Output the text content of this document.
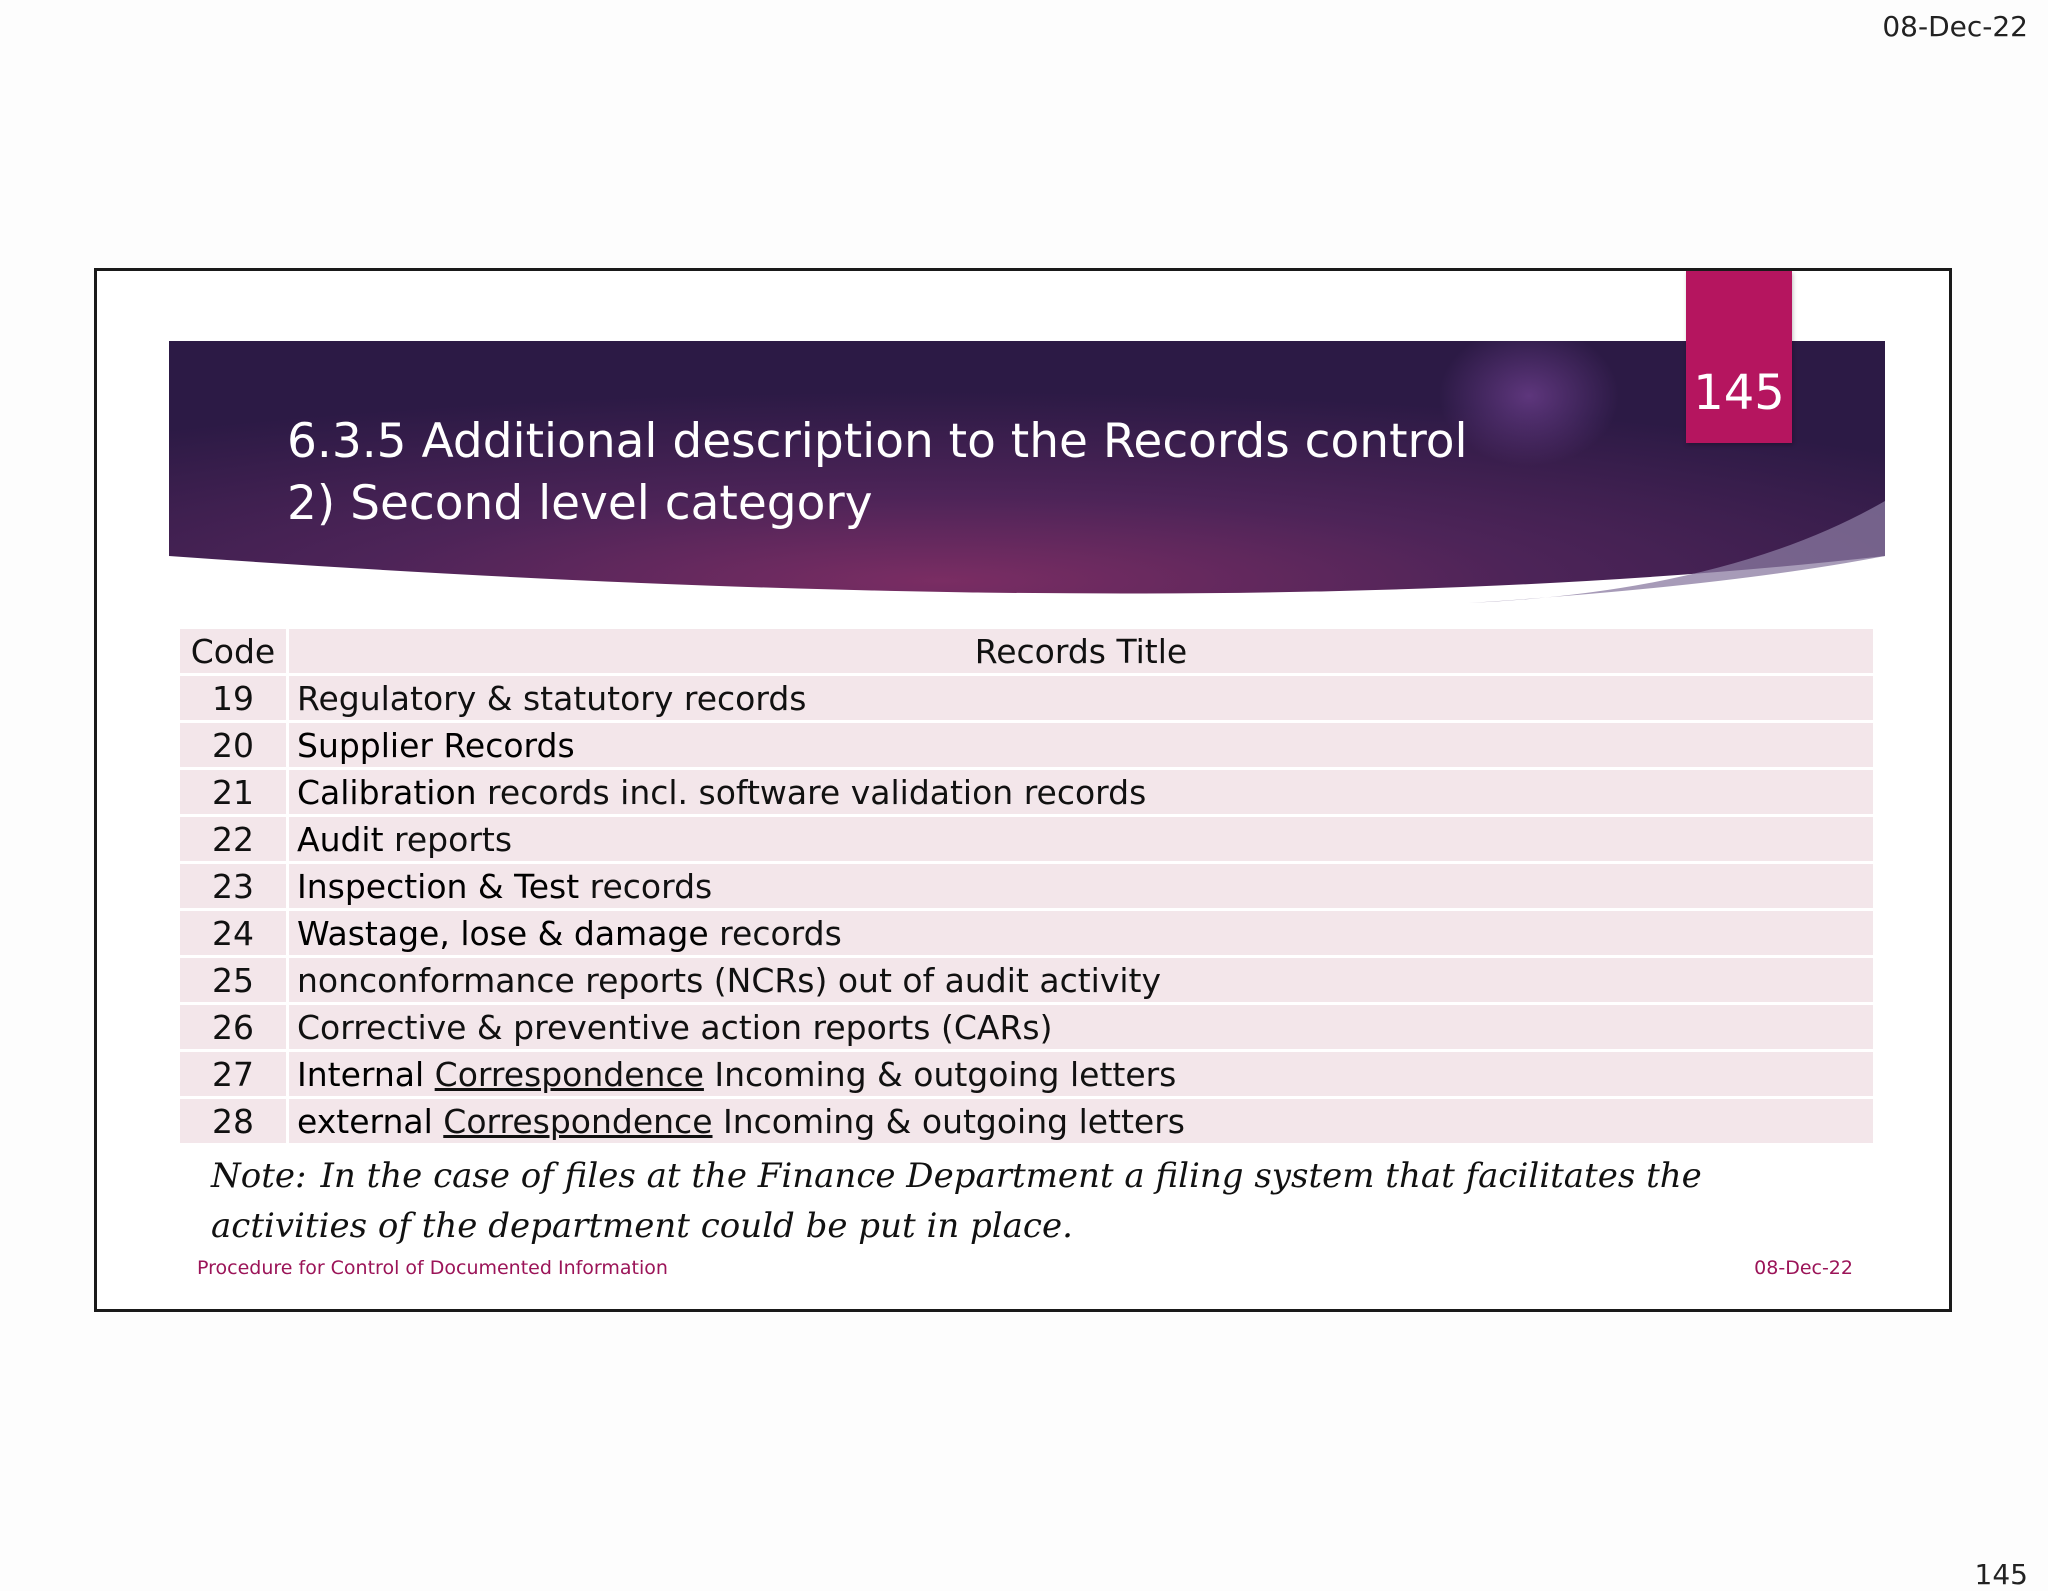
08-Dec-22
6.3.5 Additional description to the Records control
2) Second level category
145
Code	Records Title
19	Regulatory & statutory records
20	Supplier Records
21	Calibration records incl. software validation records
22	Audit reports
23	Inspection & Test records
24	Wastage, lose & damage records
25	nonconformance reports (NCRs) out of audit activity
26	Corrective & preventive action reports (CARs)
27	Internal Correspondence Incoming & outgoing letters
28	external Correspondence Incoming & outgoing letters
Note: In the case of files at the Finance Department a filing system that facilitates the activities of the department could be put in place.
Procedure for Control of Documented Information	08-Dec-22
145
